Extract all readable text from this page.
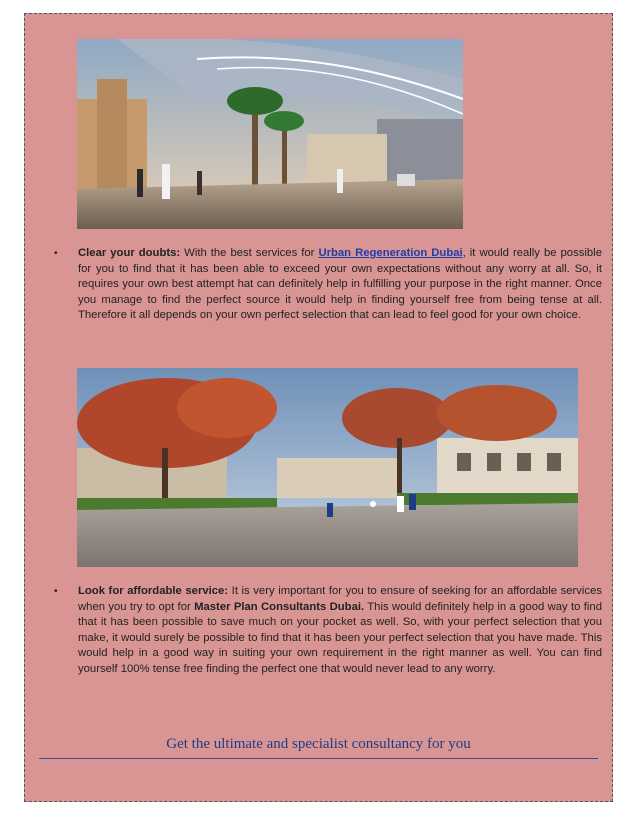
• Clear your doubts: With the best services for Urban Regeneration Dubai, it would really be possible for you to find that it has been able to exceed your own expectations without any worry at all. So, it requires your own best attempt hat can definitely help in fulfilling your purpose in the right manner. Once you manage to find the perfect source it would help in finding yourself free from being tense at all. Therefore it all depends on your own perfect selection that can lead to feel good for your own choice.
• Look for affordable service: It is very important for you to ensure of seeking for an affordable services when you try to opt for Master Plan Consultants Dubai. This would definitely help in a good way to find that it has been possible to save much on your pocket as well. So, with your perfect selection that you make, it would surely be possible to find that it has been your perfect selection that you have made. This would help in a good way in suiting your own requirement in the right manner as well. You can find yourself 100% tense free finding the perfect one that would never lead to any worry.
Get the ultimate and specialist consultancy for you
